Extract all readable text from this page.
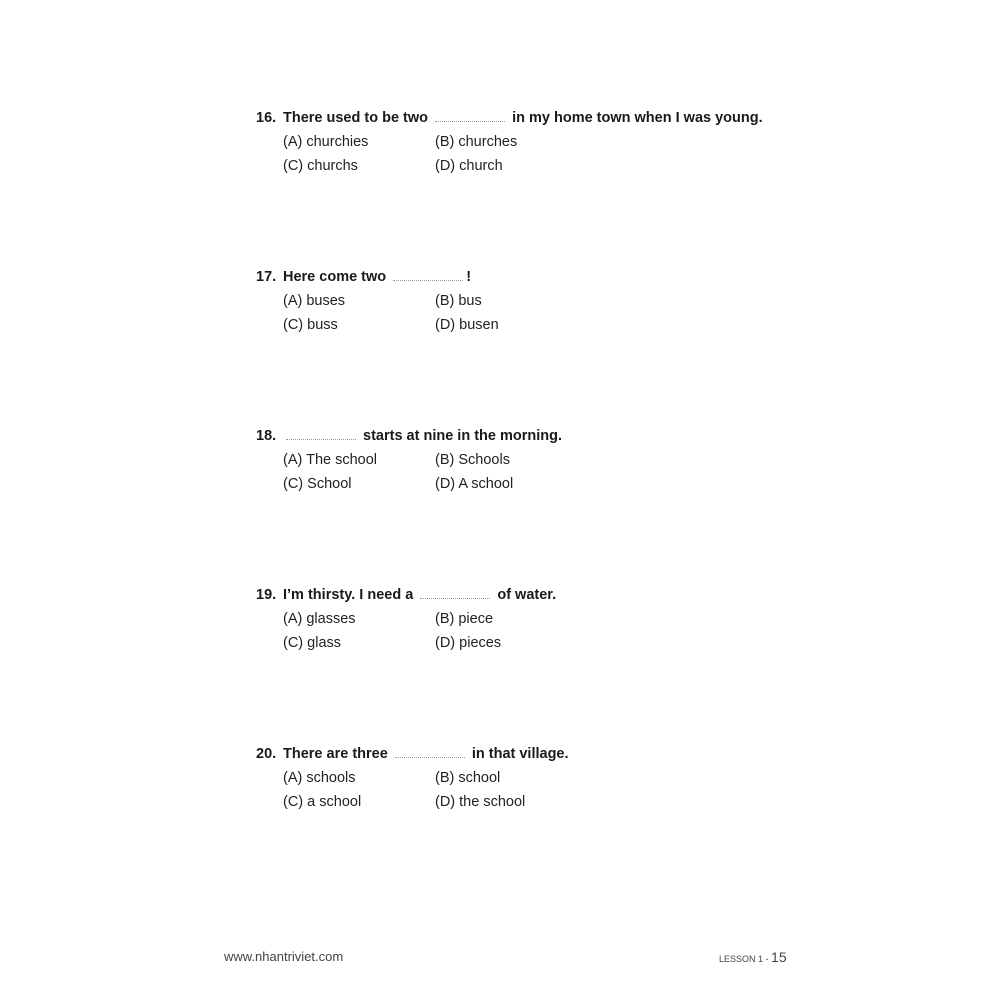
16. There used to be two	in my home town when I was young.
(A) churchies	(B) churches
(C) churchs	(D) church
17. Here come two	!
(A) buses	(B) bus
(C) buss	(D) busen
18.	starts at nine in the morning.
(A) The school	(B) Schools
(C) School	(D) A school
19. I’m thirsty. I need a	of water.
(A) glasses	(B) piece
(C) glass	(D) pieces
20. There are three	in that village.
(A) schools	(B) school
(C) a school	(D) the school
www.nhantriviet.com	LESSON 1 - 15
